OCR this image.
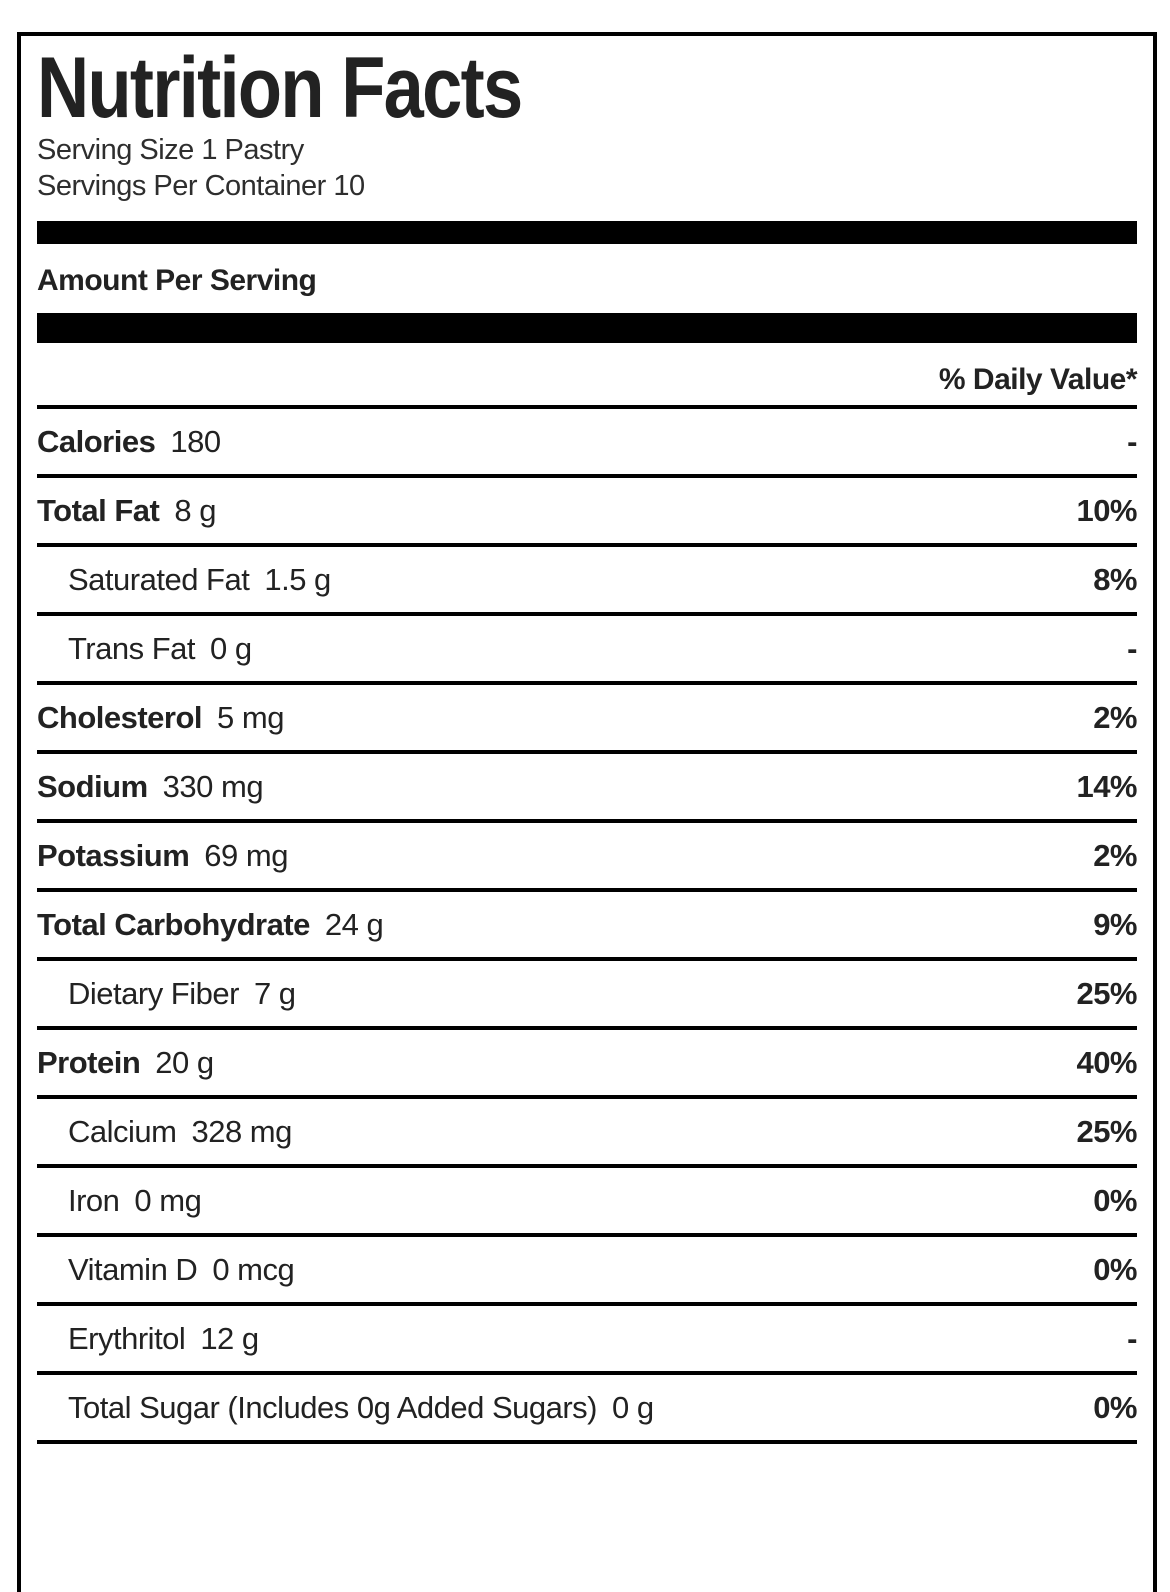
Nutrition Facts
Serving Size 1 Pastry
Servings Per Container 10
Amount Per Serving
% Daily Value*
Calories 180	-
Total Fat 8 g	10%
Saturated Fat 1.5 g	8%
Trans Fat 0 g	-
Cholesterol 5 mg	2%
Sodium 330 mg	14%
Potassium 69 mg	2%
Total Carbohydrate 24 g	9%
Dietary Fiber 7 g	25%
Protein 20 g	40%
Calcium 328 mg	25%
Iron 0 mg	0%
Vitamin D 0 mcg	0%
Erythritol 12 g	-
Total Sugar (Includes 0g Added Sugars) 0 g	0%
